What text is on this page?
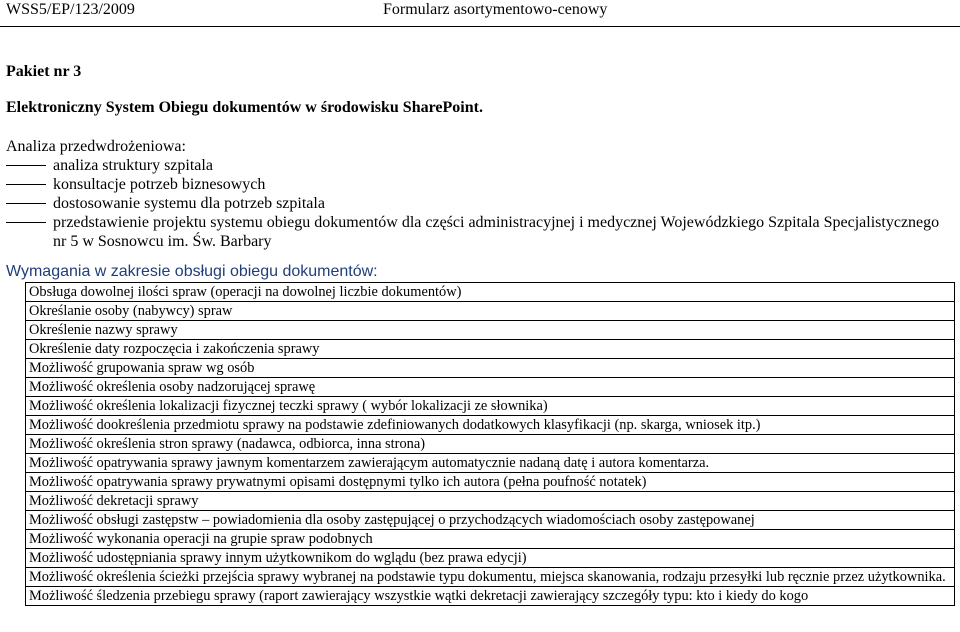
WSS5/EP/123/2009	Formularz asortymentowo-cenowy
Pakiet nr 3
Elektroniczny System Obiegu dokumentów w środowisku SharePoint.
Analiza przedwdrożeniowa:
analiza struktury szpitala
konsultacje potrzeb biznesowych
dostosowanie systemu dla potrzeb szpitala
przedstawienie projektu systemu obiegu dokumentów dla części administracyjnej i medycznej Wojewódzkiego Szpitala Specjalistycznego nr 5 w Sosnowcu im. Św. Barbary
Wymagania w zakresie obsługi obiegu dokumentów:
Obsługa dowolnej ilości spraw (operacji na dowolnej liczbie dokumentów)
Określanie osoby (nabywcy) spraw
Określenie nazwy sprawy
Określenie daty rozpoczęcia i zakończenia sprawy
Możliwość grupowania spraw wg osób
Możliwość określenia osoby nadzorującej sprawę
Możliwość określenia lokalizacji fizycznej teczki sprawy ( wybór lokalizacji ze słownika)
Możliwość dookreślenia przedmiotu sprawy na podstawie zdefiniowanych dodatkowych klasyfikacji (np. skarga, wniosek itp.)
Możliwość określenia stron sprawy (nadawca, odbiorca, inna strona)
Możliwość opatrywania sprawy jawnym komentarzem zawierającym automatycznie nadaną datę i autora komentarza.
Możliwość opatrywania sprawy prywatnymi opisami dostępnymi tylko ich autora (pełna poufność notatek)
Możliwość dekretacji sprawy
Możliwość obsługi zastępstw – powiadomienia dla osoby zastępującej o przychodzących wiadomościach osoby zastępowanej
Możliwość wykonania operacji na grupie spraw podobnych
Możliwość udostępniania sprawy innym użytkownikom do wglądu (bez prawa edycji)
Możliwość określenia ścieżki przejścia sprawy wybranej na podstawie typu dokumentu, miejsca skanowania, rodzaju przesyłki lub ręcznie przez użytkownika.
Możliwość śledzenia przebiegu sprawy (raport zawierający wszystkie wątki dekretacji zawierający szczegóły typu: kto i kiedy do kogo
